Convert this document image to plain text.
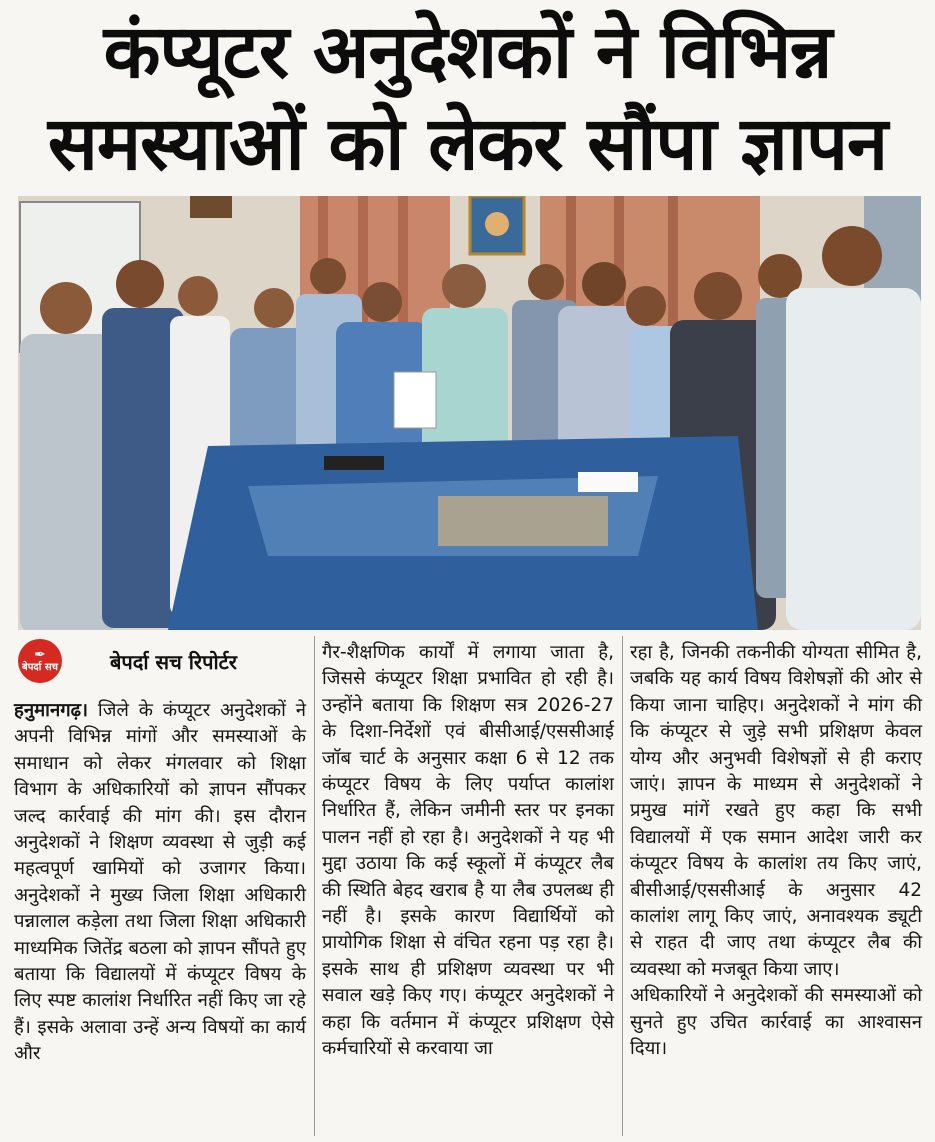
कंप्यूटर अनुदेशकों ने विभिन्न
समस्याओं को लेकर सौंपा ज्ञापन
✒
बेपर्दा सच	बेपर्दा सच रिपोर्टर

हनुमानगढ़। जिले के कंप्यूटर अनुदेशकों ने अपनी विभिन्न मांगों और समस्याओं के समाधान को लेकर मंगलवार को शिक्षा विभाग के अधिकारियों को ज्ञापन सौंपकर जल्द कार्रवाई की मांग की। इस दौरान अनुदेशकों ने शिक्षण व्यवस्था से जुड़ी कई महत्वपूर्ण खामियों को उजागर किया। अनुदेशकों ने मुख्य जिला शिक्षा अधिकारी पन्नालाल कड़ेला तथा जिला शिक्षा अधिकारी माध्यमिक जितेंद्र बठला को ज्ञापन सौंपते हुए बताया कि विद्यालयों में कंप्यूटर विषय के लिए स्पष्ट कालांश निर्धारित नहीं किए जा रहे हैं। इसके अलावा उन्हें अन्य विषयों का कार्य और

गैर-शैक्षणिक कार्यों में लगाया जाता है, जिससे कंप्यूटर शिक्षा प्रभावित हो रही है। उन्होंने बताया कि शिक्षण सत्र 2026-27 के दिशा-निर्देशों एवं बीसीआई/एससीआई जॉब चार्ट के अनुसार कक्षा 6 से 12 तक कंप्यूटर विषय के लिए पर्याप्त कालांश निर्धारित हैं, लेकिन जमीनी स्तर पर इनका पालन नहीं हो रहा है। अनुदेशकों ने यह भी मुद्दा उठाया कि कई स्कूलों में कंप्यूटर लैब की स्थिति बेहद खराब है या लैब उपलब्ध ही नहीं है। इसके कारण विद्यार्थियों को प्रायोगिक शिक्षा से वंचित रहना पड़ रहा है। इसके साथ ही प्रशिक्षण व्यवस्था पर भी सवाल खड़े किए गए। कंप्यूटर अनुदेशकों ने कहा कि वर्तमान में कंप्यूटर प्रशिक्षण ऐसे कर्मचारियों से करवाया जा

रहा है, जिनकी तकनीकी योग्यता सीमित है, जबकि यह कार्य विषय विशेषज्ञों की ओर से किया जाना चाहिए। अनुदेशकों ने मांग की कि कंप्यूटर से जुड़े सभी प्रशिक्षण केवल योग्य और अनुभवी विशेषज्ञों से ही कराए जाएं। ज्ञापन के माध्यम से अनुदेशकों ने प्रमुख मांगें रखते हुए कहा कि सभी विद्यालयों में एक समान आदेश जारी कर कंप्यूटर विषय के कालांश तय किए जाएं, बीसीआई/एससीआई के अनुसार 42 कालांश लागू किए जाएं, अनावश्यक ड्यूटी से राहत दी जाए तथा कंप्यूटर लैब की व्यवस्था को मजबूत किया जाए।

अधिकारियों ने अनुदेशकों की समस्याओं को सुनते हुए उचित कार्रवाई का आश्वासन दिया।
